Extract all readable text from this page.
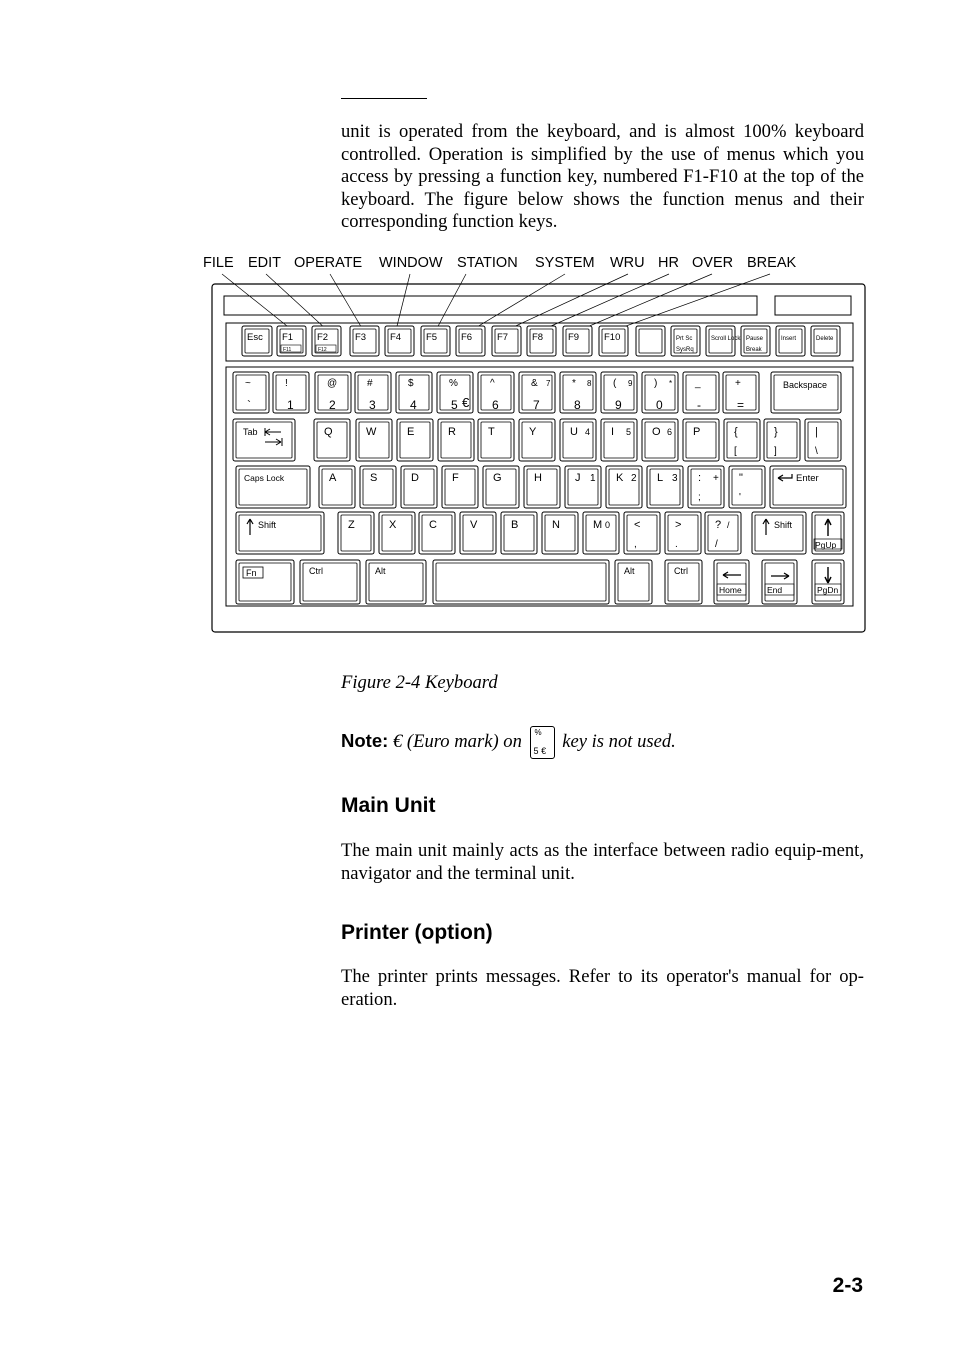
unit is operated from the keyboard, and is almost 100% keyboard controlled. Operation is simplified by the use of menus which you access by pressing a function key, numbered F1-F10 at the top of the keyboard. The figure below shows the function menus and their corresponding function keys.

FILE EDIT OPERATE WINDOW STATION SYSTEM WRU HR OVER BREAK
Esc F1
F11
F2
F12
F3	F4	F5	F6	F7	F8	F9	F10	Prt Sc
SysRq
Scroll Lock Pause
Break
Insert	Delete
~
`
!
1
@
2
#
3
$
4
%
5 €
^
6
&
7
7 *
8
8 (
9
9 )
0
* _
-
+
=
Backspace
Tab	Q	W	E	R	T	Y	U 4 I 5 O 6 P	{
[
}
]
|
\
Caps Lock	A	S	D	F	G	H	J 1 K 2 L 3 :
;
+ "
'
Enter
Shift	Z	X	C	V	B	N	M 0 <
,
>
.
?
/
/	Shift
PgUp
Fn	Ctrl	Alt	Alt	Ctrl
Home	End	PgDn
Figure 2-4 Keyboard
Note: € (Euro mark) on %
5 € key is not used.
Main Unit

The main unit mainly acts as the interface between radio equip-ment, navigator and the terminal unit.

Printer (option)

The printer prints messages. Refer to its operator's manual for op-eration.

2-3
